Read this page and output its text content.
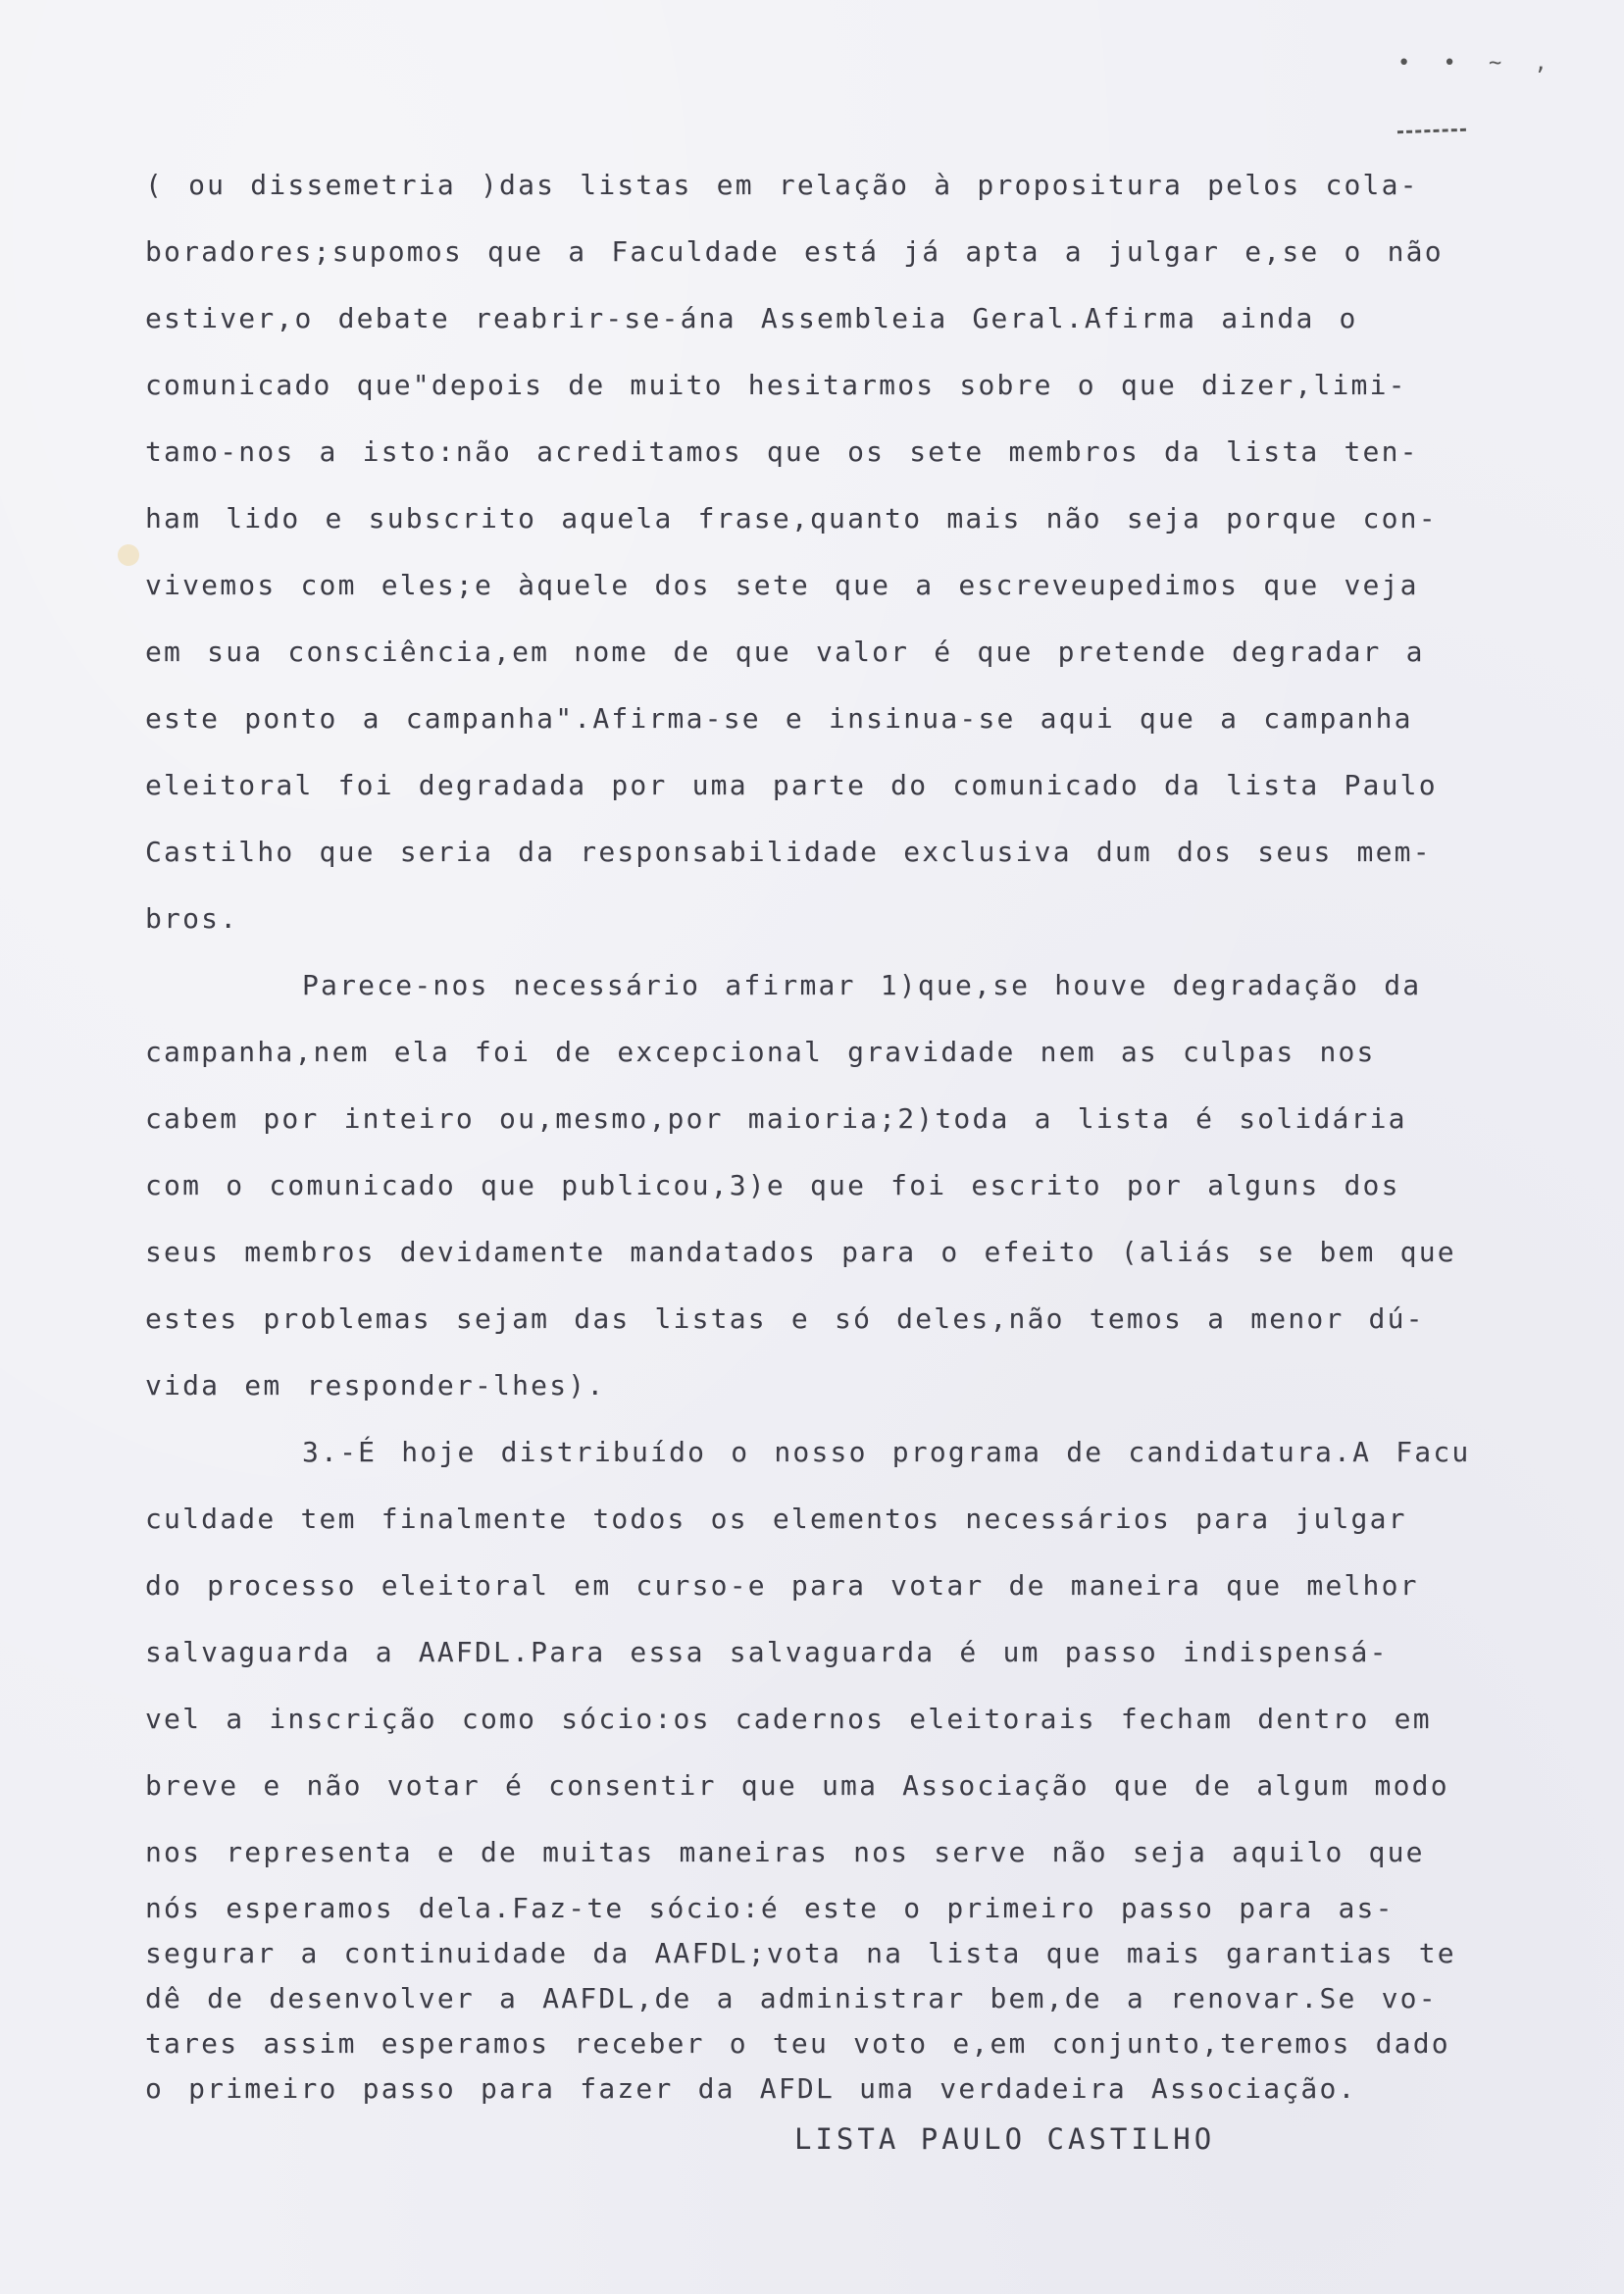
• • ~ ,
( ou dissemetria )das listas em relação à propositura pelos cola-
boradores;supomos que a Faculdade está já apta a julgar e,se o não
estiver,o debate reabrir-se-ána Assembleia Geral.Afirma ainda o
comunicado que"depois de muito hesitarmos sobre o que dizer,limi-
tamo-nos a isto:não acreditamos que os sete membros da lista ten-
ham lido e subscrito aquela frase,quanto mais não seja porque con-
vivemos com eles;e àquele dos sete que a escreveupedimos que veja
em sua consciência,em nome de que valor é que pretende degradar a
este ponto a campanha".Afirma-se e insinua-se aqui que a campanha
eleitoral foi degradada por uma parte do comunicado da lista Paulo
Castilho que seria da responsabilidade exclusiva dum dos seus mem-
bros.
Parece-nos necessário afirmar 1)que,se houve degradação da
campanha,nem ela foi de excepcional gravidade nem as culpas nos
cabem por inteiro ou,mesmo,por maioria;2)toda a lista é solidária
com o comunicado que publicou,3)e que foi escrito por alguns dos
seus membros devidamente mandatados para o efeito (aliás se bem que
estes problemas sejam das listas e só deles,não temos a menor dú-
vida em responder-lhes).
3.-É hoje distribuído o nosso programa de candidatura.A Facu
culdade tem finalmente todos os elementos necessários para julgar
do processo eleitoral em curso-e para votar de maneira que melhor
salvaguarda a AAFDL.Para essa salvaguarda é um passo indispensá-
vel a inscrição como sócio:os cadernos eleitorais fecham dentro em
breve e não votar é consentir que uma Associação que de algum modo
nos representa e de muitas maneiras nos serve não seja aquilo que
nós esperamos dela.Faz-te sócio:é este o primeiro passo para as-
segurar a continuidade da AAFDL;vota na lista que mais garantias te
dê de desenvolver a AAFDL,de a administrar bem,de a renovar.Se vo-
tares assim esperamos receber o teu voto e,em conjunto,teremos dado
o primeiro passo para fazer da AFDL uma verdadeira Associação.
LISTA PAULO CASTILHO
